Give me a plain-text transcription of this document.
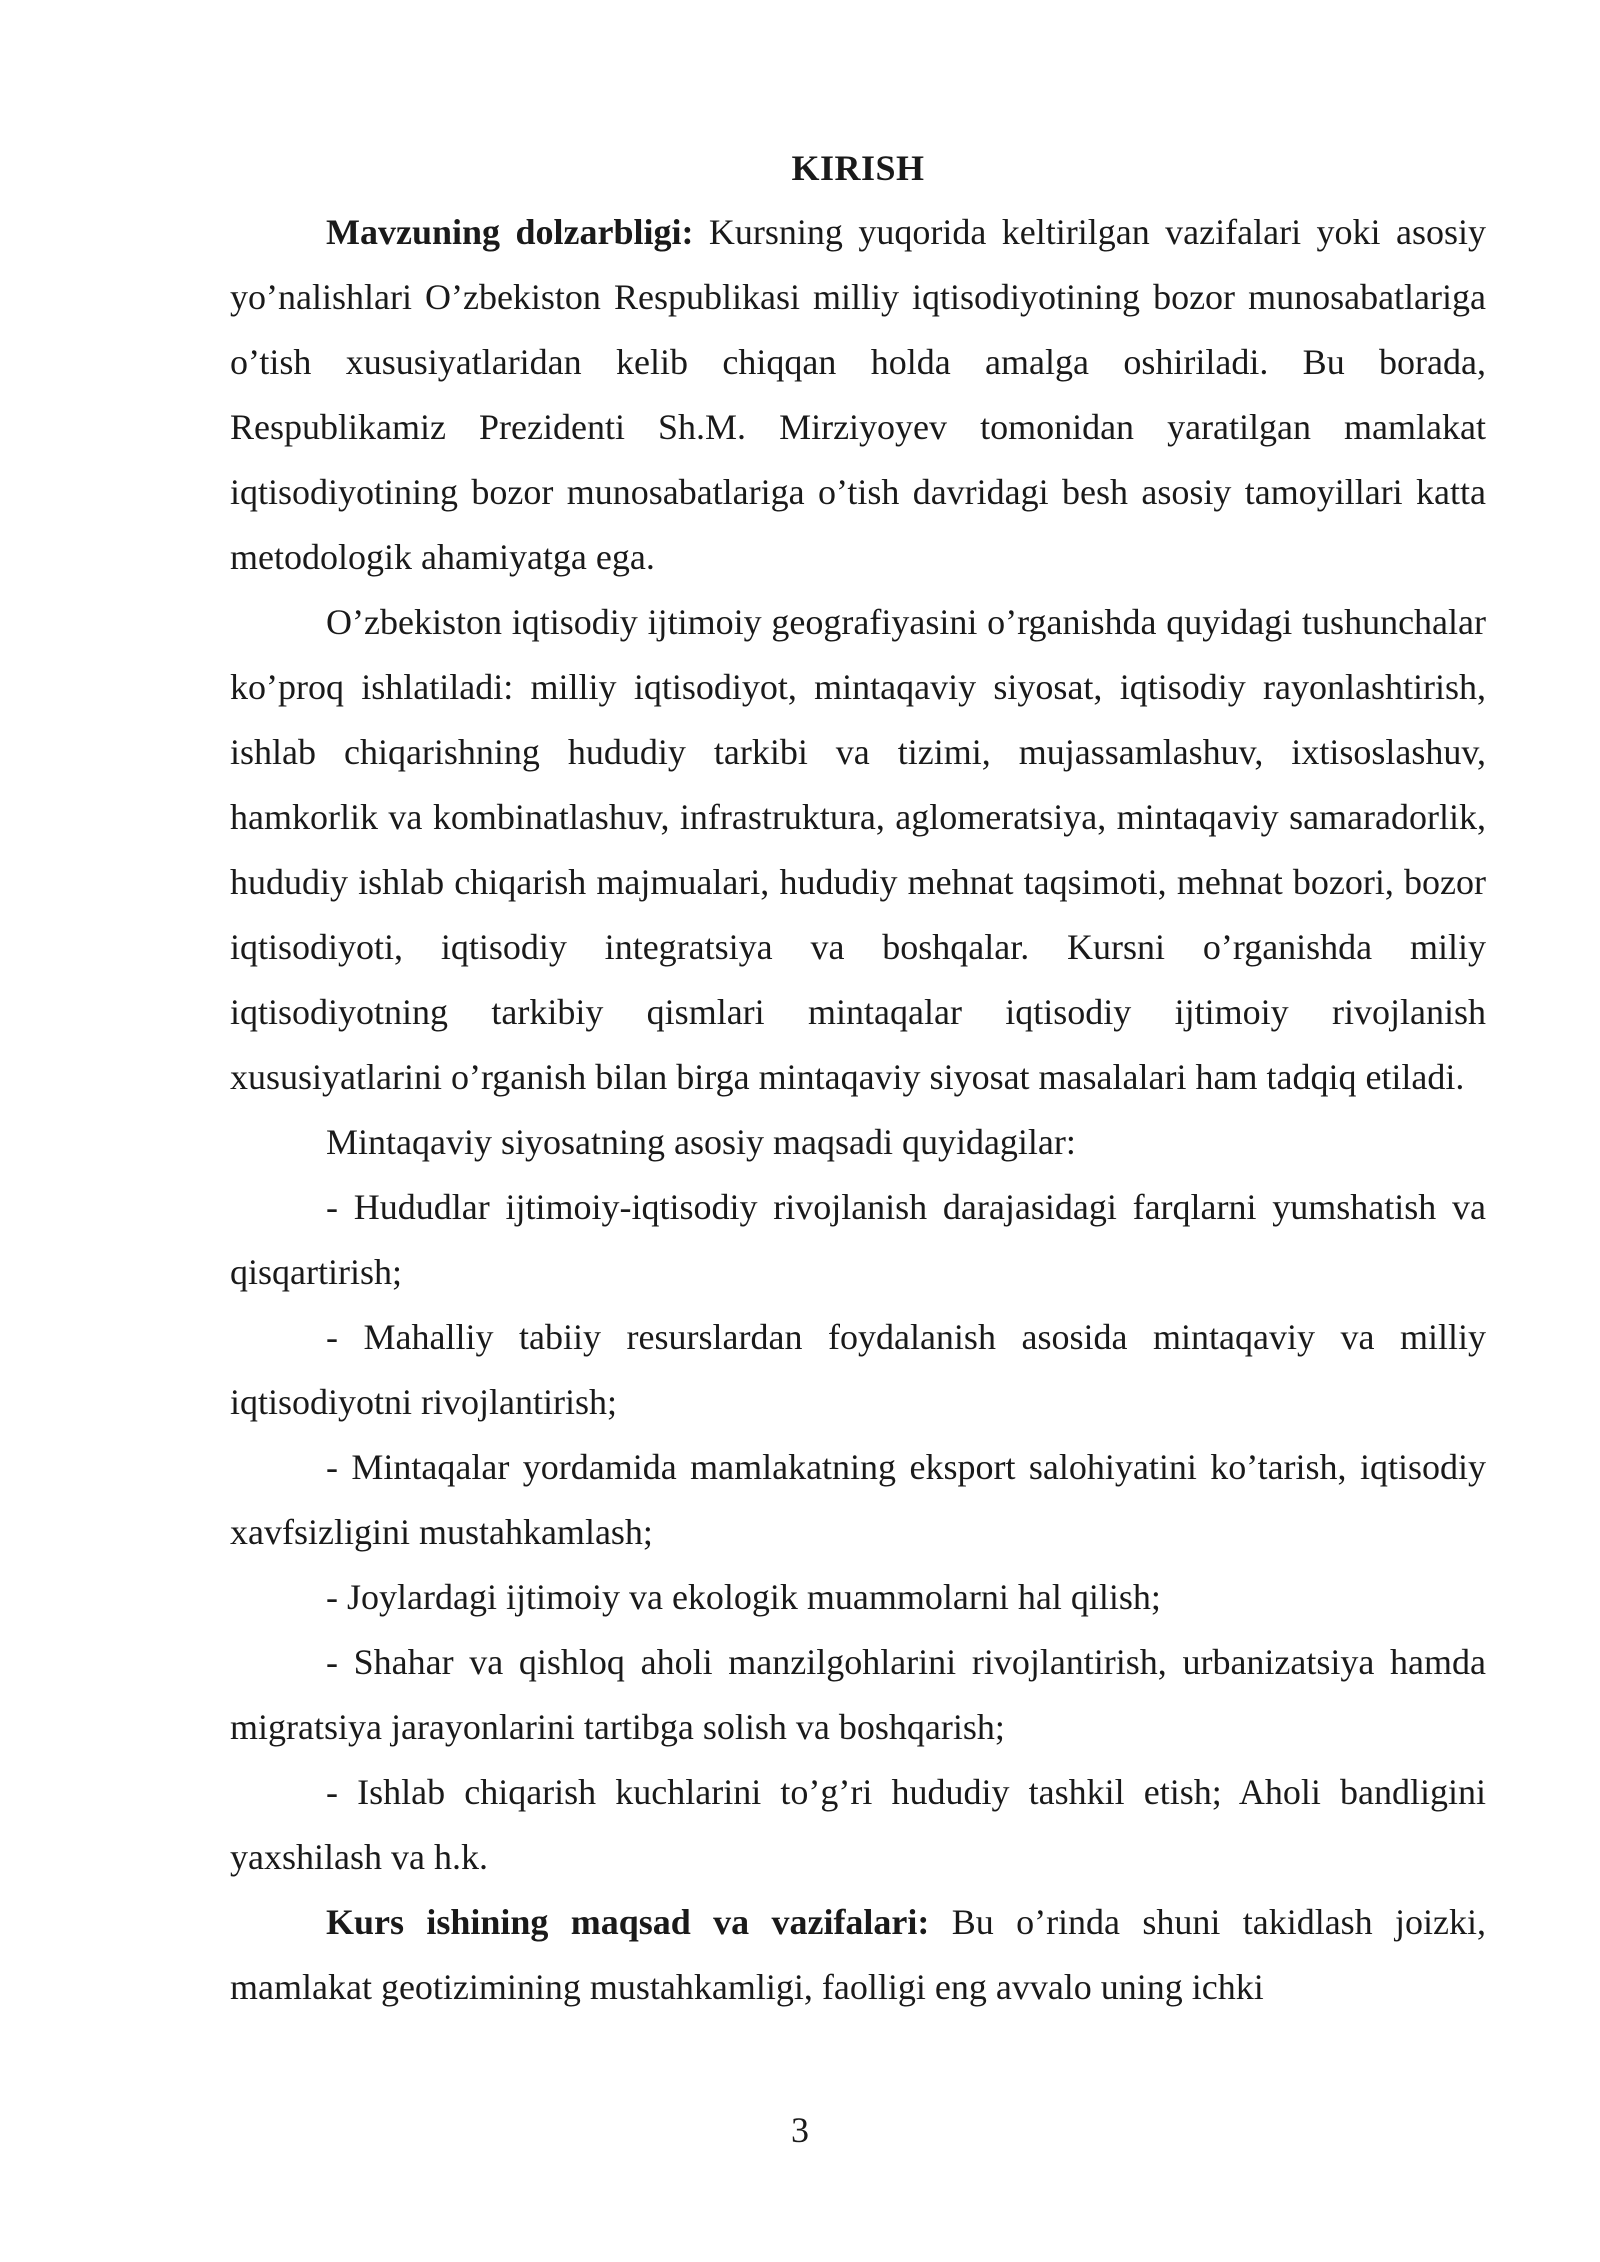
KIRISH

Mavzuning dolzarbligi: Kursning yuqorida keltirilgan vazifalari yoki asosiy yo’nalishlari O’zbekiston Respublikasi milliy iqtisodiyotining bozor munosabatlariga o’tish xususiyatlaridan kelib chiqqan holda amalga oshiriladi. Bu borada, Respublikamiz Prezidenti Sh.M. Mirziyoyev tomonidan yaratilgan mamlakat iqtisodiyotining bozor munosabatlariga o’tish davridagi besh asosiy tamoyillari katta metodologik ahamiyatga ega.

O’zbekiston iqtisodiy ijtimoiy geografiyasini o’rganishda quyidagi tushunchalar ko’proq ishlatiladi: milliy iqtisodiyot, mintaqaviy siyosat, iqtisodiy rayonlashtirish, ishlab chiqarishning hududiy tarkibi va tizimi, mujassamlashuv, ixtisoslashuv, hamkorlik va kombinatlashuv, infrastruktura, aglomeratsiya, mintaqaviy samaradorlik, hududiy ishlab chiqarish majmualari, hududiy mehnat taqsimoti, mehnat bozori, bozor iqtisodiyoti, iqtisodiy integratsiya va boshqalar. Kursni o’rganishda miliy iqtisodiyotning tarkibiy qismlari mintaqalar iqtisodiy ijtimoiy rivojlanish xususiyatlarini o’rganish bilan birga mintaqaviy siyosat masalalari ham tadqiq etiladi.

Mintaqaviy siyosatning asosiy maqsadi quyidagilar:

- Hududlar ijtimoiy-iqtisodiy rivojlanish darajasidagi farqlarni yumshatish va qisqartirish;

- Mahalliy tabiiy resurslardan foydalanish asosida mintaqaviy va milliy iqtisodiyotni rivojlantirish;

- Mintaqalar yordamida mamlakatning eksport salohiyatini ko’tarish, iqtisodiy xavfsizligini mustahkamlash;

- Joylardagi ijtimoiy va ekologik muammolarni hal qilish;

- Shahar va qishloq aholi manzilgohlarini rivojlantirish, urbanizatsiya hamda migratsiya jarayonlarini tartibga solish va boshqarish;

- Ishlab chiqarish kuchlarini to’g’ri hududiy tashkil etish; Aholi bandligini yaxshilash va h.k.

Kurs ishining maqsad va vazifalari: Bu o’rinda shuni takidlash joizki, mamlakat geotizimining mustahkamligi, faolligi eng avvalo uning ichki

3
